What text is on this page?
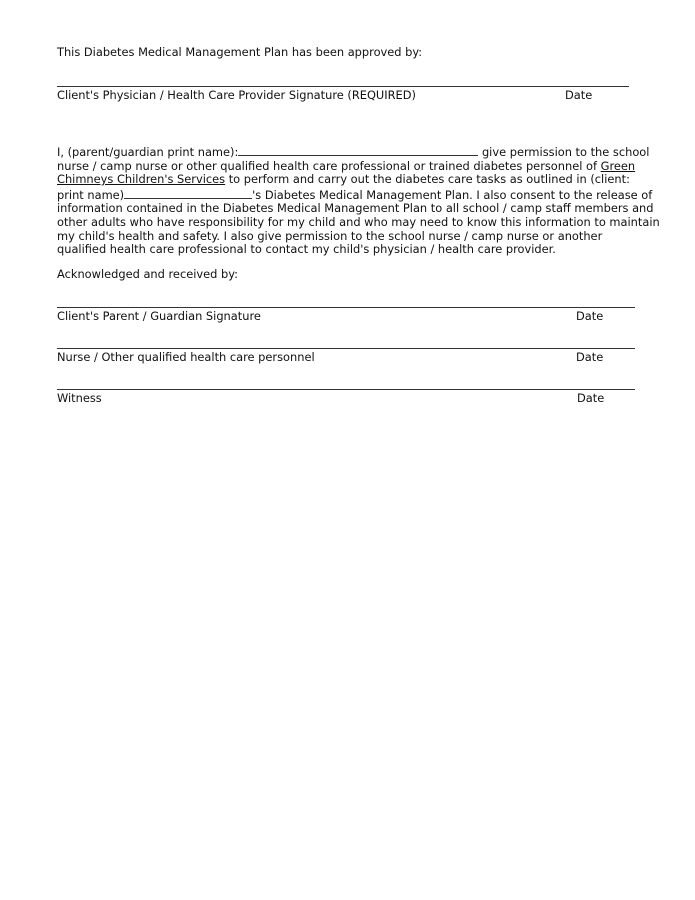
This Diabetes Medical Management Plan has been approved by:
Client's Physician / Health Care Provider Signature (REQUIRED)	Date
I, (parent/guardian print name):	give permission to the school
nurse / camp nurse or other qualified health care professional or trained diabetes personnel of Green
Chimneys Children's Services to perform and carry out the diabetes care tasks as outlined in (client:
print name)	's Diabetes Medical Management Plan. I also consent to the release of
information contained in the Diabetes Medical Management Plan to all school / camp staff members and
other adults who have responsibility for my child and who may need to know this information to maintain
my child's health and safety. I also give permission to the school nurse / camp nurse or another
qualified health care professional to contact my child's physician / health care provider.
Acknowledged and received by:
Client's Parent / Guardian Signature	Date
Nurse / Other qualified health care personnel	Date
Witness	Date
